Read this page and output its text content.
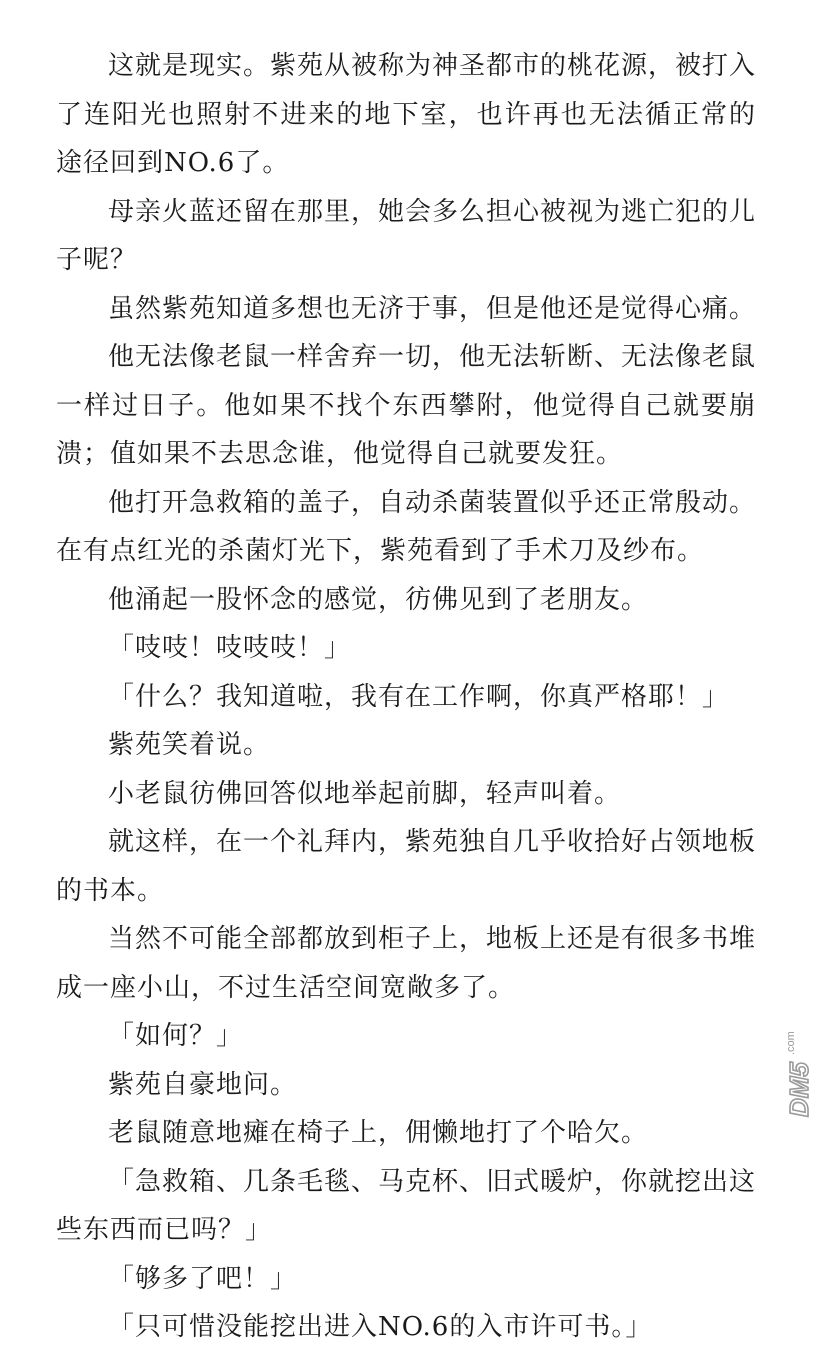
这就是现实。紫苑从被称为神圣都市的桃花源，被打入了连阳光也照射不进来的地下室，也许再也无法循正常的途径回到NO.6了。

母亲火蓝还留在那里，她会多么担心被视为逃亡犯的儿子呢？

虽然紫苑知道多想也无济于事，但是他还是觉得心痛。

他无法像老鼠一样舍弃一切，他无法斩断、无法像老鼠一样过日子。他如果不找个东西攀附，他觉得自己就要崩溃；值如果不去思念谁，他觉得自己就要发狂。

他打开急救箱的盖子，自动杀菌装置似乎还正常殷动。在有点红光的杀菌灯光下，紫苑看到了手术刀及纱布。

他涌起一股怀念的感觉，彷佛见到了老朋友。

「吱吱！吱吱吱！」

「什么？我知道啦，我有在工作啊，你真严格耶！」

紫苑笑着说。

小老鼠彷佛回答似地举起前脚，轻声叫着。

就这样，在一个礼拜内，紫苑独自几乎收拾好占领地板的书本。

当然不可能全部都放到柜子上，地板上还是有很多书堆成一座小山，不过生活空间宽敞多了。

「如何？」

紫苑自豪地问。

老鼠随意地瘫在椅子上，佣懒地打了个哈欠。

「急救箱、几条毛毯、马克杯、旧式暖炉，你就挖出这些东西而已吗？」

「够多了吧！」

「只可惜没能挖出进入NO.6的入市许可书。」

DM5
.com
